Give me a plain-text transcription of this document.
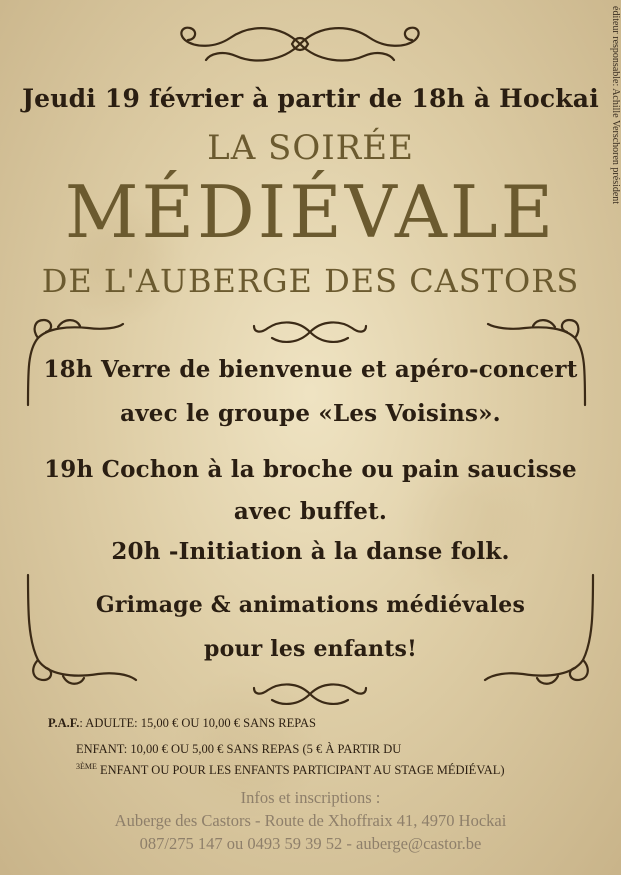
éditeur responsable: Achille Verschoren président
Jeudi 19 février à partir de 18h à Hockai
LA SOIRÉE
MÉDIÉVALE
DE L'AUBERGE DES CASTORS
18h Verre de bienvenue et apéro-concert
avec le groupe «Les Voisins».
19h Cochon à la broche ou pain saucisse
avec buffet.
20h -Initiation à la danse folk.
Grimage & animations médiévales
pour les enfants!
P.A.F.: ADULTE: 15,00 € OU 10,00 € SANS REPAS
ENFANT: 10,00 € OU 5,00 € SANS REPAS (5 € À PARTIR DU
$^{3ÈME}$ ENFANT OU POUR LES ENFANTS PARTICIPANT AU STAGE MÉDIÉVAL)
Infos et inscriptions :
Auberge des Castors - Route de Xhoffraix 41, 4970 Hockai
087/275 147 ou 0493 59 39 52 - auberge@castor.be
